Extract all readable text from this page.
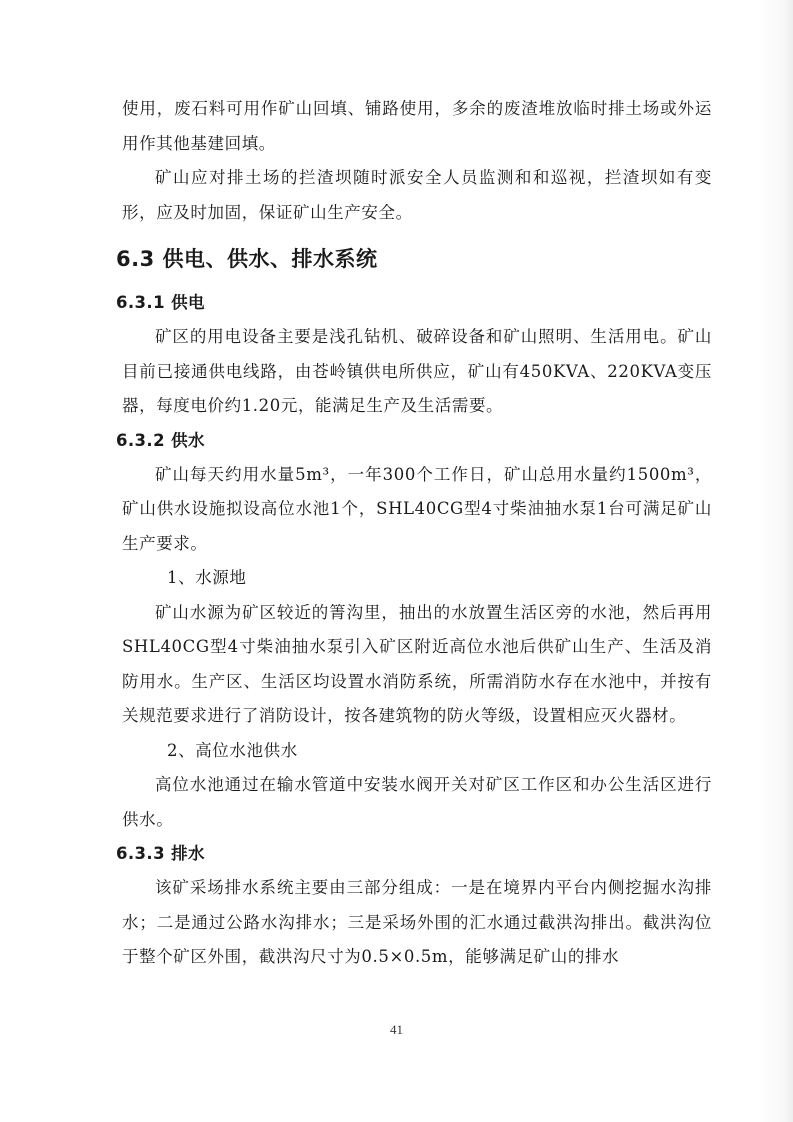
使用，废石料可用作矿山回填、铺路使用，多余的废渣堆放临时排土场或外运用作其他基建回填。

矿山应对排土场的拦渣坝随时派安全人员监测和和巡视，拦渣坝如有变形，应及时加固，保证矿山生产安全。

6.3 供电、供水、排水系统
6.3.1 供电

矿区的用电设备主要是浅孔钻机、破碎设备和矿山照明、生活用电。矿山目前已接通供电线路，由苍岭镇供电所供应，矿山有450KVA、220KVA变压器，每度电价约1.20元，能满足生产及生活需要。

6.3.2 供水

矿山每天约用水量5m³，一年300个工作日，矿山总用水量约1500m³，矿山供水设施拟设高位水池1个，SHL40CG型4寸柴油抽水泵1台可满足矿山生产要求。

1、水源地

矿山水源为矿区较近的箐沟里，抽出的水放置生活区旁的水池，然后再用SHL40CG型4寸柴油抽水泵引入矿区附近高位水池后供矿山生产、生活及消防用水。生产区、生活区均设置水消防系统，所需消防水存在水池中，并按有关规范要求进行了消防设计，按各建筑物的防火等级，设置相应灭火器材。

2、高位水池供水

高位水池通过在输水管道中安装水阀开关对矿区工作区和办公生活区进行供水。

6.3.3 排水

该矿采场排水系统主要由三部分组成：一是在境界内平台内侧挖掘水沟排水；二是通过公路水沟排水；三是采场外围的汇水通过截洪沟排出。截洪沟位于整个矿区外围，截洪沟尺寸为0.5×0.5m，能够满足矿山的排水

41
